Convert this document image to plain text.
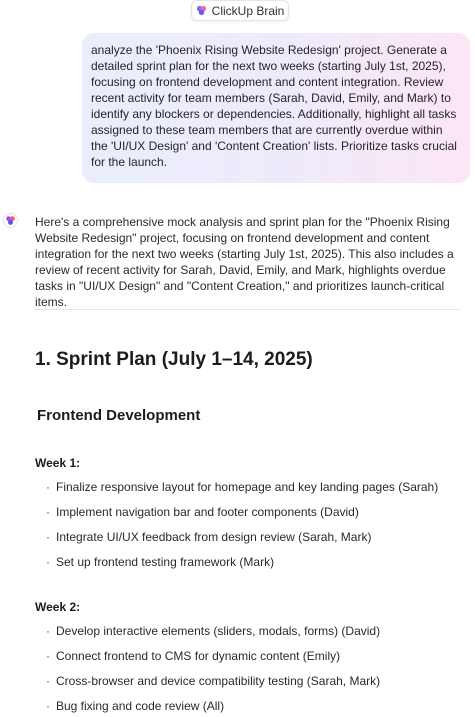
ClickUp Brain
analyze the 'Phoenix Rising Website Redesign' project. Generate a detailed sprint plan for the next two weeks (starting July 1st, 2025), focusing on frontend development and content integration. Review recent activity for team members (Sarah, David, Emily, and Mark) to identify any blockers or dependencies. Additionally, highlight all tasks assigned to these team members that are currently overdue within the 'UI/UX Design' and 'Content Creation' lists. Prioritize tasks crucial for the launch.
Here's a comprehensive mock analysis and sprint plan for the "Phoenix Rising Website Redesign" project, focusing on frontend development and content integration for the next two weeks (starting July 1st, 2025). This also includes a review of recent activity for Sarah, David, Emily, and Mark, highlights overdue tasks in "UI/UX Design" and "Content Creation," and prioritizes launch-critical items.
1. Sprint Plan (July 1–14, 2025)
Frontend Development
Week 1:
· Finalize responsive layout for homepage and key landing pages (Sarah)
· Implement navigation bar and footer components (David)
· Integrate UI/UX feedback from design review (Sarah, Mark)
· Set up frontend testing framework (Mark)
Week 2:
· Develop interactive elements (sliders, modals, forms) (David)
· Connect frontend to CMS for dynamic content (Emily)
· Cross-browser and device compatibility testing (Sarah, Mark)
· Bug fixing and code review (All)
